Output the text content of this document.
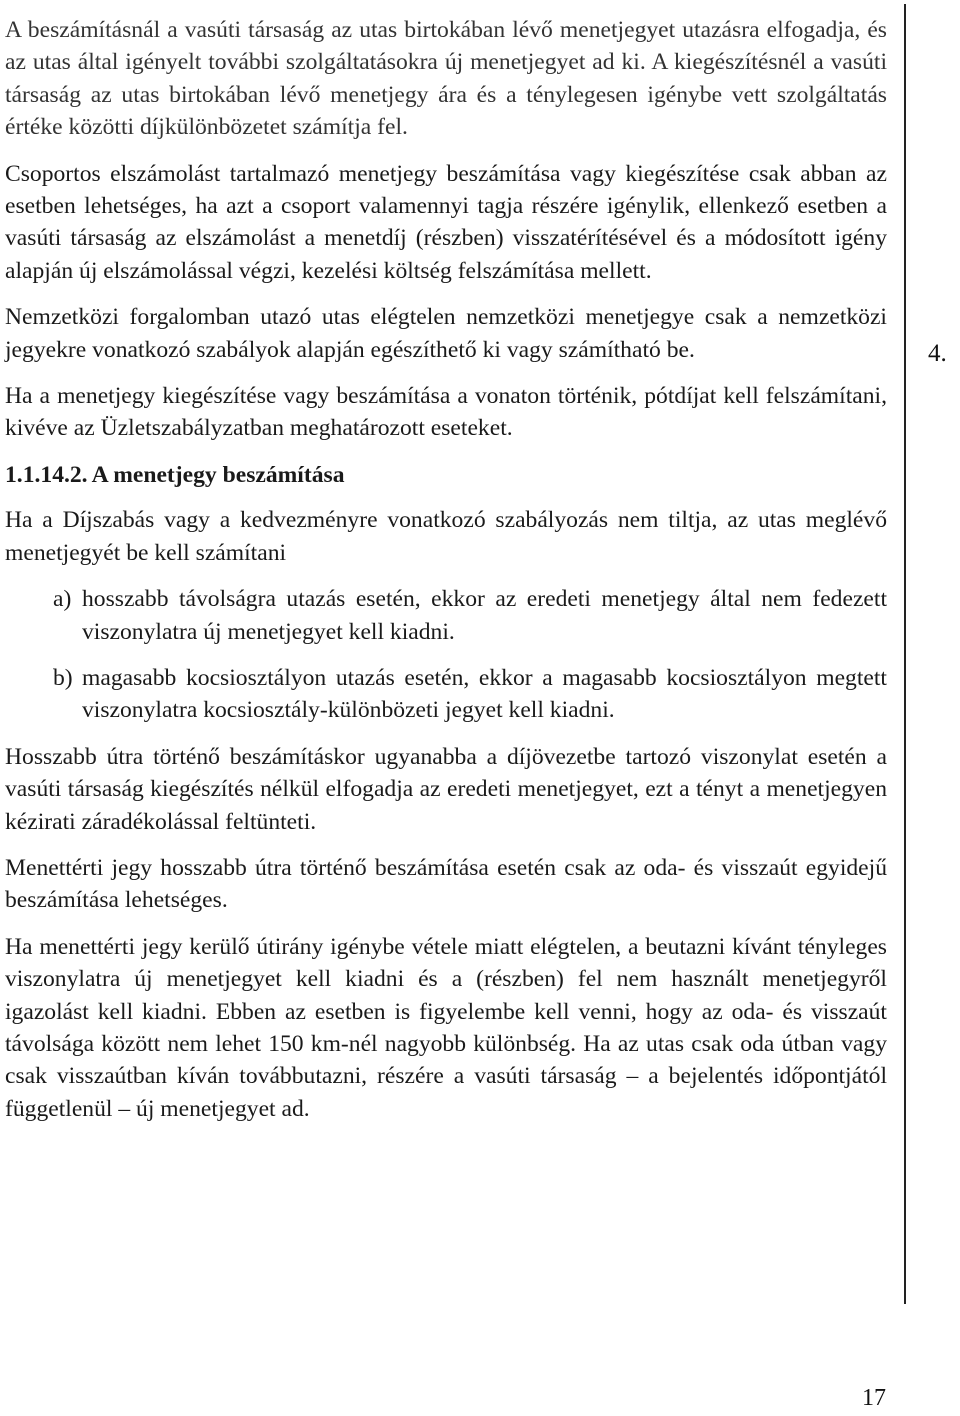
A beszámításnál a vasúti társaság az utas birtokában lévő menetjegyet utazásra elfogadja, és az utas által igényelt további szolgáltatásokra új menetjegyet ad ki. A kiegészítésnél a vasúti társaság az utas birtokában lévő menetjegy ára és a ténylegesen igénybe vett szolgáltatás értéke közötti díjkülönbözetet számítja fel.

Csoportos elszámolást tartalmazó menetjegy beszámítása vagy kiegészítése csak abban az esetben lehetséges, ha azt a csoport valamennyi tagja részére igénylik, ellenkező esetben a vasúti társaság az elszámolást a menetdíj (részben) visszatérítésével és a módosított igény alapján új elszámolással végzi, kezelési költség felszámítása mellett.

Nemzetközi forgalomban utazó utas elégtelen nemzetközi menetjegye csak a nemzetközi jegyekre vonatkozó szabályok alapján egészíthető ki vagy számítható be.

Ha a menetjegy kiegészítése vagy beszámítása a vonaton történik, pótdíjat kell felszámítani, kivéve az Üzletszabályzatban meghatározott eseteket.

1.1.14.2. A menetjegy beszámítása

Ha a Díjszabás vagy a kedvezményre vonatkozó szabályozás nem tiltja, az utas meglévő menetjegyét be kell számítani

a) hosszabb távolságra utazás esetén, ekkor az eredeti menetjegy által nem fedezett viszonylatra új menetjegyet kell kiadni.
b) magasabb kocsiosztályon utazás esetén, ekkor a magasabb kocsiosztályon megtett viszonylatra kocsiosztály-különbözeti jegyet kell kiadni.

Hosszabb útra történő beszámításkor ugyanabba a díjövezetbe tartozó viszonylat esetén a vasúti társaság kiegészítés nélkül elfogadja az eredeti menetjegyet, ezt a tényt a menetjegyen kézirati záradékolással feltünteti.

Menettérti jegy hosszabb útra történő beszámítása esetén csak az oda- és visszaút egyidejű beszámítása lehetséges.

Ha menettérti jegy kerülő útirány igénybe vétele miatt elégtelen, a beutazni kívánt tényleges viszonylatra új menetjegyet kell kiadni és a (részben) fel nem használt menetjegyről igazolást kell kiadni. Ebben az esetben is figyelembe kell venni, hogy az oda- és visszaút távolsága között nem lehet 150 km-nél nagyobb különbség. Ha az utas csak oda útban vagy csak visszaútban kíván továbbutazni, részére a vasúti társaság – a bejelentés időpontjától függetlenül – új menetjegyet ad.

4.
17
